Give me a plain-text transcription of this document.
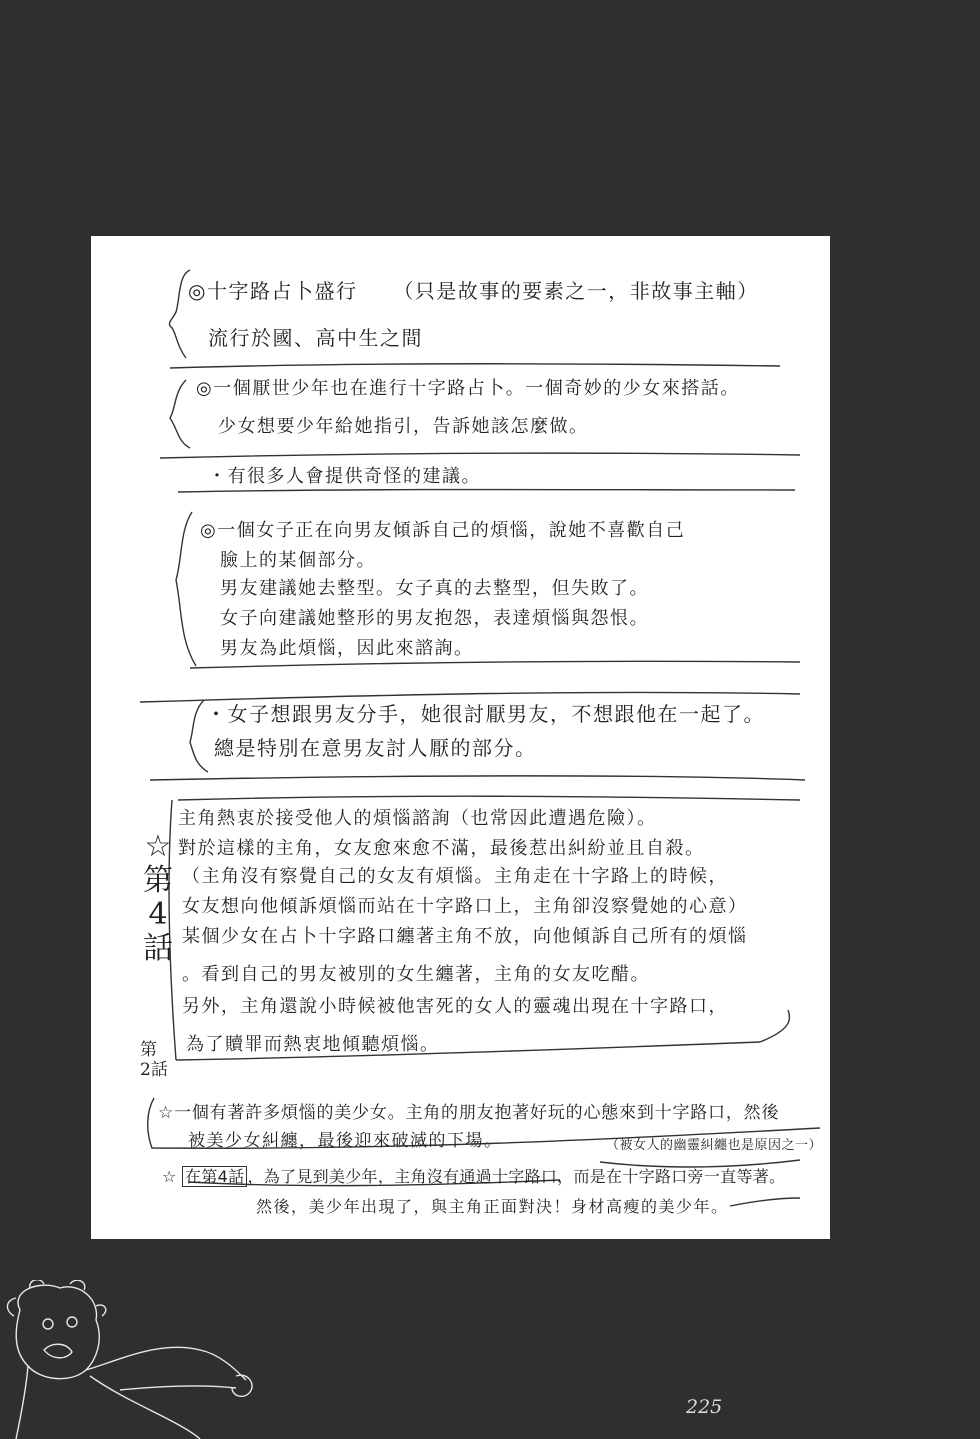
◎十字路占卜盛行 （只是故事的要素之一，非故事主軸）
流行於國、高中生之間
◎一個厭世少年也在進行十字路占卜。一個奇妙的少女來搭話。
少女想要少年給她指引，告訴她該怎麼做。
・有很多人會提供奇怪的建議。
◎一個女子正在向男友傾訴自己的煩惱，說她不喜歡自己
臉上的某個部分。
男友建議她去整型。女子真的去整型，但失敗了。
女子向建議她整形的男友抱怨，表達煩惱與怨恨。
男友為此煩惱，因此來諮詢。
・女子想跟男友分手，她很討厭男友，不想跟他在一起了。
總是特別在意男友討人厭的部分。
☆
第
4
話
主角熱衷於接受他人的煩惱諮詢（也常因此遭遇危險）。
對於這樣的主角，女友愈來愈不滿，最後惹出糾紛並且自殺。
（主角沒有察覺自己的女友有煩惱。主角走在十字路上的時候，
女友想向他傾訴煩惱而站在十字路口上，主角卻沒察覺她的心意）
某個少女在占卜十字路口纏著主角不放，向他傾訴自己所有的煩惱
。看到自己的男友被別的女生纏著，主角的女友吃醋。
另外，主角還說小時候被他害死的女人的靈魂出現在十字路口，
為了贖罪而熱衷地傾聽煩惱。
第
2話
☆一個有著許多煩惱的美少女。主角的朋友抱著好玩的心態來到十字路口，然後
被美少女糾纏，最後迎來破滅的下場。	（被女人的幽靈糾纏也是原因之一）
☆ 在第4話 ，為了見到美少年，主角沒有通過十字路口，而是在十字路口旁一直等著。
然後，美少年出現了，與主角正面對決！身材高瘦的美少年。
225
